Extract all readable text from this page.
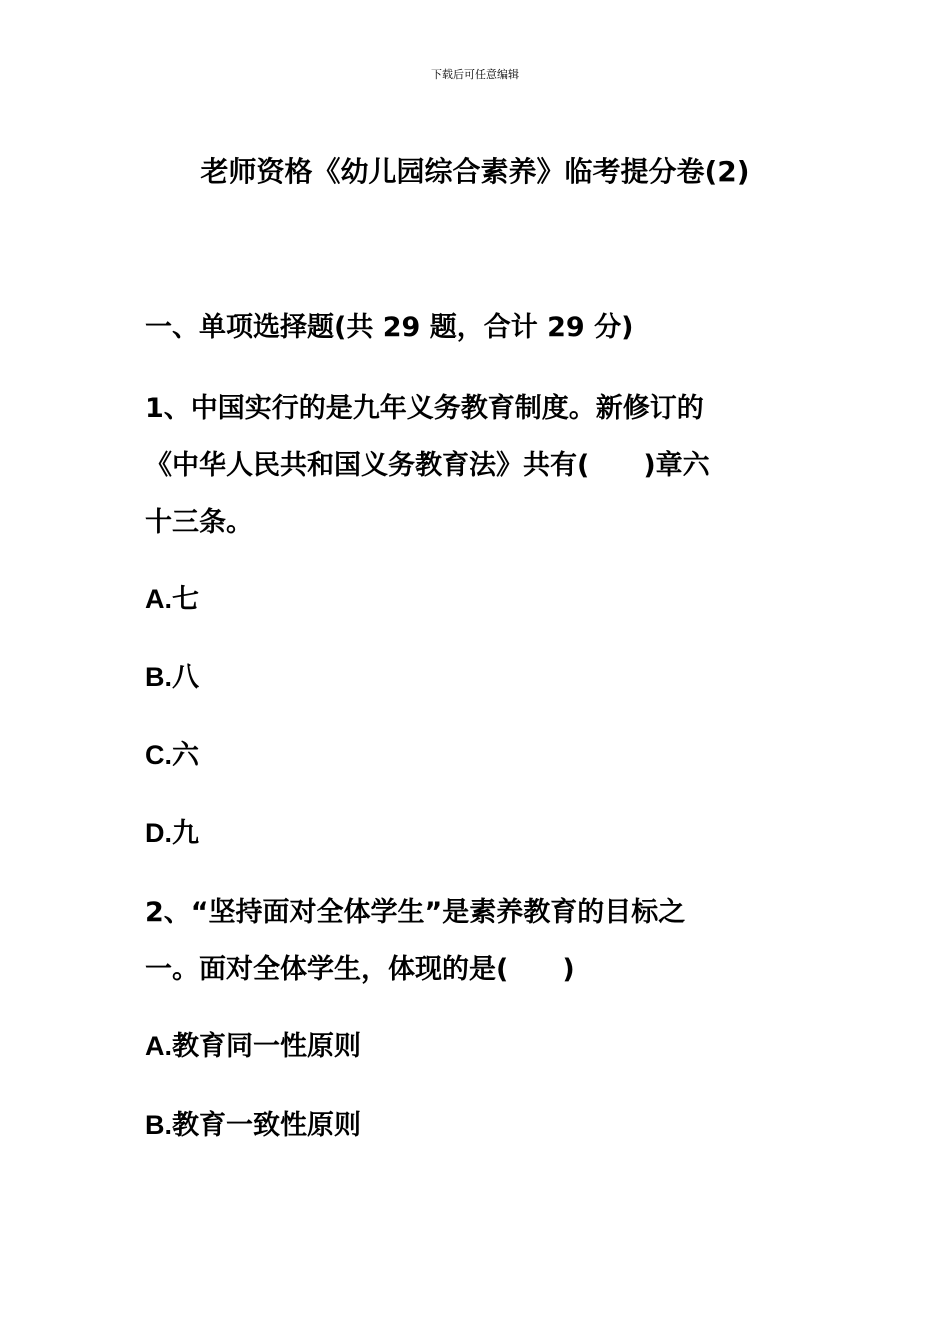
下载后可任意编辑
老师资格《幼儿园综合素养》临考提分卷(2)
一、单项选择题(共 29 题，合计 29 分)
1、中国实行的是九年义务教育制度。新修订的
《中华人民共和国义务教育法》共有(　　)章六
十三条。
A.七
B.八
C.六
D.九
2、“坚持面对全体学生”是素养教育的目标之
一。面对全体学生，体现的是(　　)
A.教育同一性原则
B.教育一致性原则
